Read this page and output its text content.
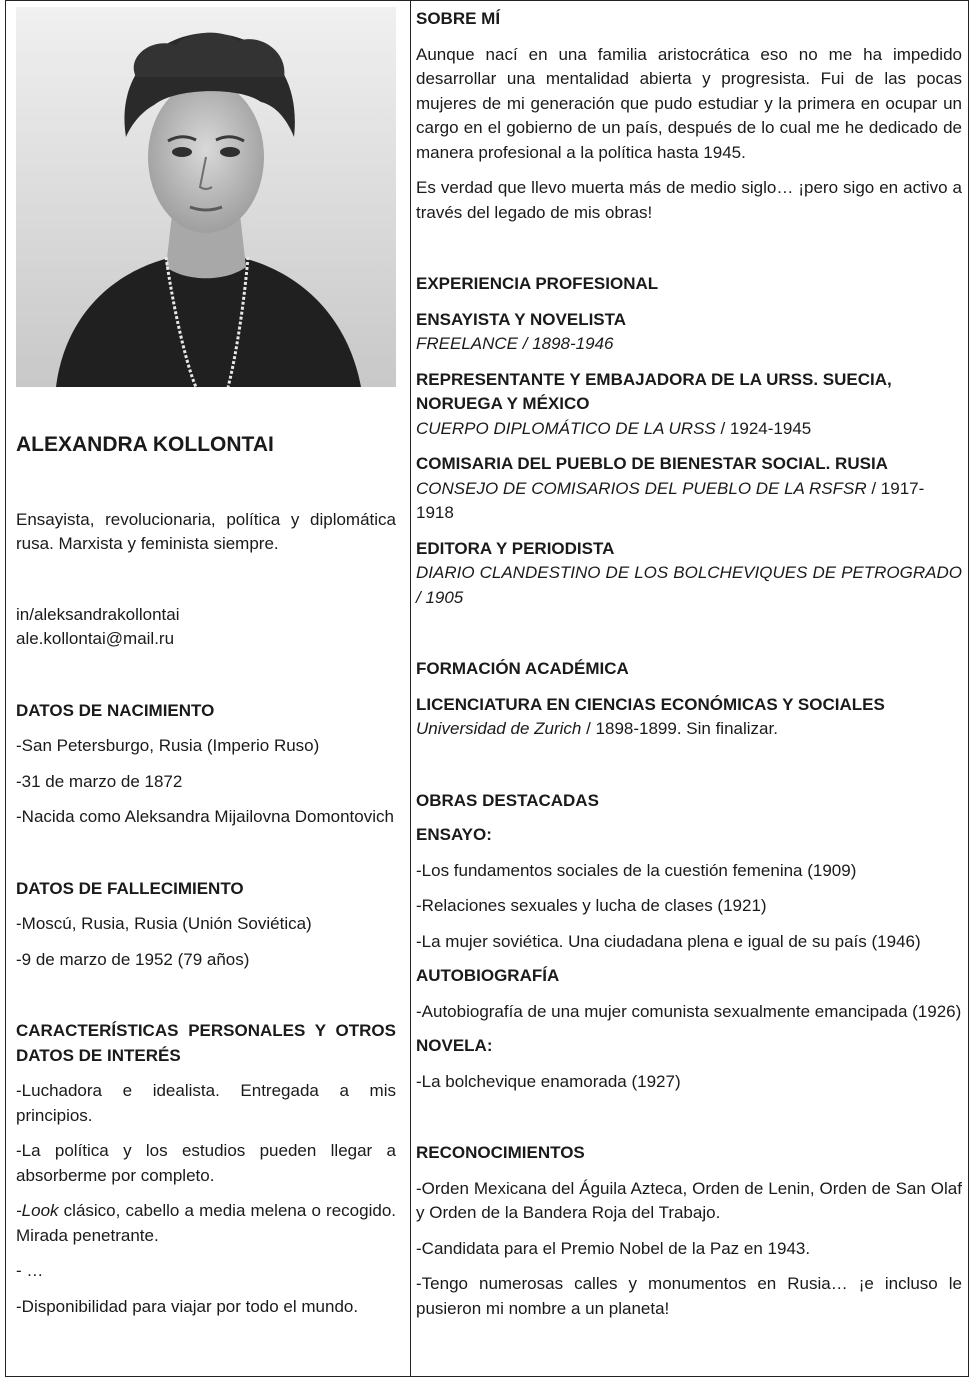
ALEXANDRA KOLLONTAI
Ensayista, revolucionaria, política y diplomática rusa. Marxista y feminista siempre.
in/aleksandrakollontai
ale.kollontai@mail.ru
DATOS DE NACIMIENTO
-San Petersburgo, Rusia (Imperio Ruso)
-31 de marzo de 1872
-Nacida como Aleksandra Mijailovna Domontovich
DATOS DE FALLECIMIENTO
-Moscú, Rusia, Rusia (Unión Soviética)
-9 de marzo de 1952 (79 años)
CARACTERÍSTICAS PERSONALES Y OTROS DATOS DE INTERÉS
-Luchadora e idealista. Entregada a mis principios.
-La política y los estudios pueden llegar a absorberme por completo.
-Look clásico, cabello a media melena o recogido. Mirada penetrante.
- …
-Disponibilidad para viajar por todo el mundo.
SOBRE MÍ

Aunque nací en una familia aristocrática eso no me ha impedido desarrollar una mentalidad abierta y progresista. Fui de las pocas mujeres de mi generación que pudo estudiar y la primera en ocupar un cargo en el gobierno de un país, después de lo cual me he dedicado de manera profesional a la política hasta 1945.

Es verdad que llevo muerta más de medio siglo… ¡pero sigo en activo a través del legado de mis obras!

EXPERIENCIA PROFESIONAL
ENSAYISTA Y NOVELISTA
FREELANCE / 1898-1946
REPRESENTANTE Y EMBAJADORA DE LA URSS. SUECIA, NORUEGA Y MÉXICO
CUERPO DIPLOMÁTICO DE LA URSS / 1924-1945
COMISARIA DEL PUEBLO DE BIENESTAR SOCIAL. RUSIA
CONSEJO DE COMISARIOS DEL PUEBLO DE LA RSFSR / 1917-1918
EDITORA Y PERIODISTA
DIARIO CLANDESTINO DE LOS BOLCHEVIQUES DE PETROGRADO / 1905
FORMACIÓN ACADÉMICA
LICENCIATURA EN CIENCIAS ECONÓMICAS Y SOCIALES
Universidad de Zurich / 1898-1899. Sin finalizar.
OBRAS DESTACADAS
ENSAYO:
-Los fundamentos sociales de la cuestión femenina (1909)
-Relaciones sexuales y lucha de clases (1921)
-La mujer soviética. Una ciudadana plena e igual de su país (1946)
AUTOBIOGRAFÍA
-Autobiografía de una mujer comunista sexualmente emancipada (1926)
NOVELA:
-La bolchevique enamorada (1927)
RECONOCIMIENTOS
-Orden Mexicana del Águila Azteca, Orden de Lenin, Orden de San Olaf y Orden de la Bandera Roja del Trabajo.
-Candidata para el Premio Nobel de la Paz en 1943.
-Tengo numerosas calles y monumentos en Rusia… ¡e incluso le pusieron mi nombre a un planeta!
